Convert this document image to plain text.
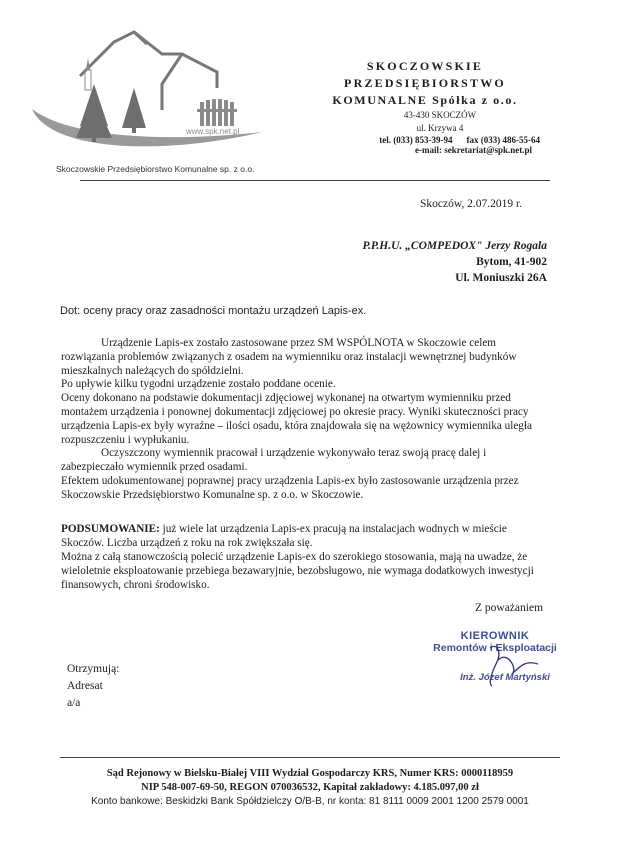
www.spk.net.pl
Skoczowskie Przedsiębiorstwo Komunalne sp. z o.o.
SKOCZOWSKIE
PRZEDSIĘBIORSTWO
KOMUNALNE Spółka z o.o.
43-430 SKOCZÓW
ul. Krzywa 4
tel. (033) 853-39-94 fax (033) 486-55-64
e-mail: sekretariat@spk.net.pl
Skoczów, 2.07.2019 r.
P.P.H.U. „COMPEDOX" Jerzy Rogala
Bytom, 41-902
Ul. Moniuszki 26A
Dot: oceny pracy oraz zasadności montażu urządzeń Lapis-ex.

Urządzenie Lapis-ex zostało zastosowane przez SM WSPÓLNOTA w Skoczowie celem rozwiązania problemów związanych z osadem na wymienniku oraz instalacji wewnętrznej budynków mieszkalnych należących do spółdzielni.

Po upływie kilku tygodni urządzenie zostało poddane ocenie.

Oceny dokonano na podstawie dokumentacji zdjęciowej wykonanej na otwartym wymienniku przed montażem urządzenia i ponownej dokumentacji zdjęciowej po okresie pracy. Wyniki skuteczności pracy urządzenia Lapis-ex były wyraźne – ilości osadu, która znajdowała się na wężownicy wymiennika uległa rozpuszczeniu i wypłukaniu.

Oczyszczony wymiennik pracował i urządzenie wykonywało teraz swoją pracę dalej i zabezpieczało wymiennik przed osadami.

Efektem udokumentowanej poprawnej pracy urządzenia Lapis-ex było zastosowanie urządzenia przez Skoczowskie Przedsiębiorstwo Komunalne sp. z o.o. w Skoczowie.

PODSUMOWANIE: już wiele lat urządzenia Lapis-ex pracują na instalacjach wodnych w mieście Skoczów. Liczba urządzeń z roku na rok zwiększała się.

Można z całą stanowczością polecić urządzenie Lapis-ex do szerokiego stosowania, mają na uwadze, że wieloletnie eksploatowanie przebiega bezawaryjnie, bezobsługowo, nie wymaga dodatkowych inwestycji finansowych, chroni środowisko.

Z poważaniem
KIEROWNIK
Remontów i Eksploatacji
Inż. Józef Martyński
Otrzymują:
Adresat
a/a
Sąd Rejonowy w Bielsku-Białej VIII Wydział Gospodarczy KRS, Numer KRS: 0000118959
NIP 548-007-69-50, REGON 070036532, Kapitał zakładowy: 4.185.097,00 zł
Konto bankowe: Beskidzki Bank Spółdzielczy O/B-B, nr konta: 81 8111 0009 2001 1200 2579 0001
